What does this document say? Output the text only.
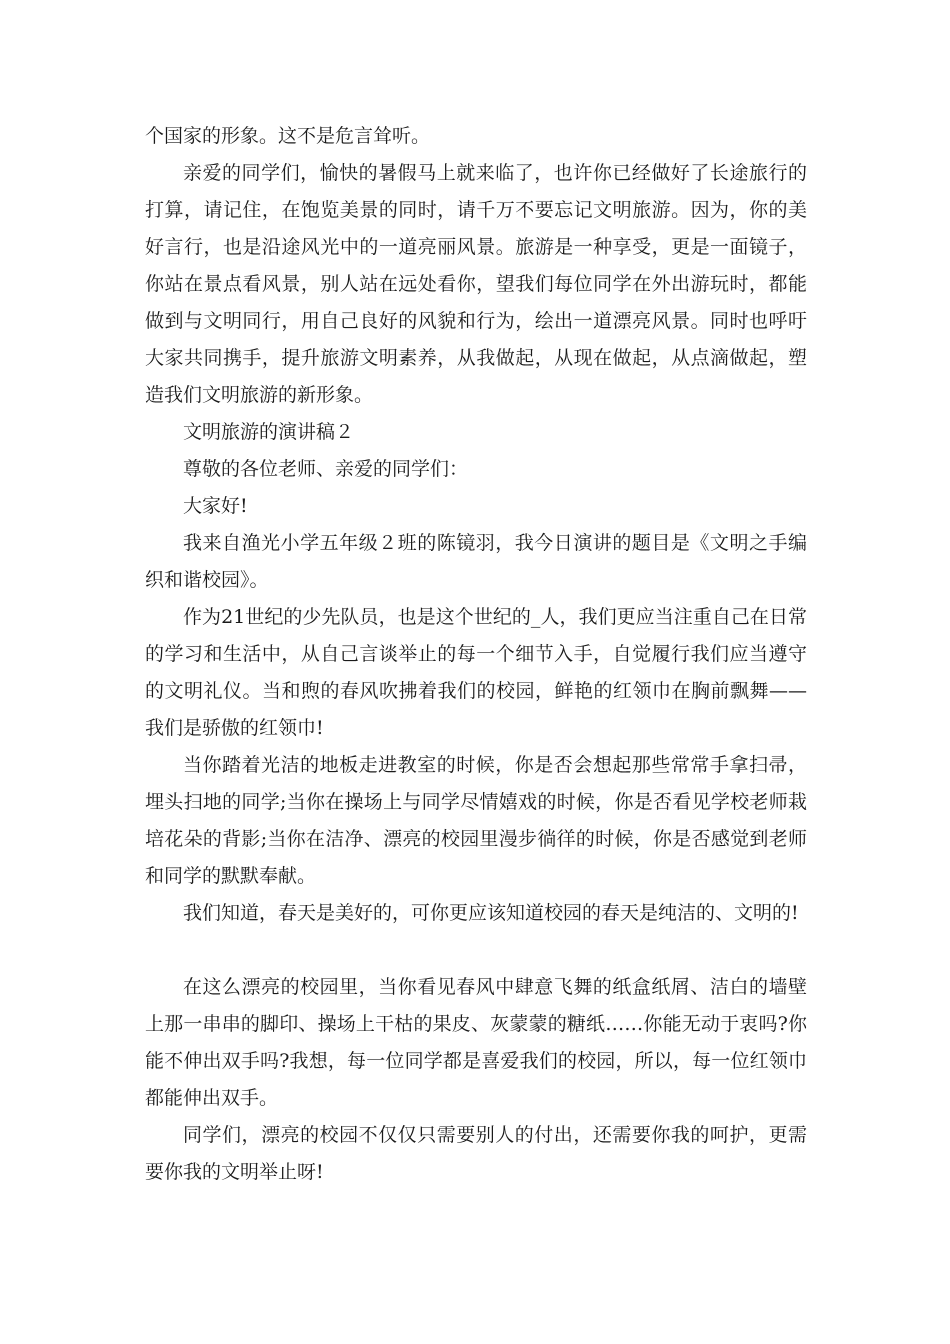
个国家的形象。这不是危言耸听。

亲爱的同学们，愉快的暑假马上就来临了，也许你已经做好了长途旅行的打算，请记住，在饱览美景的同时，请千万不要忘记文明旅游。因为，你的美好言行，也是沿途风光中的一道亮丽风景。旅游是一种享受，更是一面镜子，你站在景点看风景，别人站在远处看你，望我们每位同学在外出游玩时，都能做到与文明同行，用自己良好的风貌和行为，绘出一道漂亮风景。同时也呼吁大家共同携手，提升旅游文明素养，从我做起，从现在做起，从点滴做起，塑造我们文明旅游的新形象。

文明旅游的演讲稿２

尊敬的各位老师、亲爱的同学们：

大家好!

我来自渔光小学五年级２班的陈镜羽，我今日演讲的题目是《文明之手编织和谐校园》。

作为21世纪的少先队员，也是这个世纪的_人，我们更应当注重自己在日常的学习和生活中，从自己言谈举止的每一个细节入手，自觉履行我们应当遵守的文明礼仪。当和煦的春风吹拂着我们的校园，鲜艳的红领巾在胸前飘舞——我们是骄傲的红领巾!

当你踏着光洁的地板走进教室的时候，你是否会想起那些常常手拿扫帚，埋头扫地的同学;当你在操场上与同学尽情嬉戏的时候，你是否看见学校老师栽培花朵的背影;当你在洁净、漂亮的校园里漫步徜徉的时候，你是否感觉到老师和同学的默默奉献。

我们知道，春天是美好的，可你更应该知道校园的春天是纯洁的、文明的!

在这么漂亮的校园里，当你看见春风中肆意飞舞的纸盒纸屑、洁白的墙壁上那一串串的脚印、操场上干枯的果皮、灰蒙蒙的糖纸……你能无动于衷吗?你能不伸出双手吗?我想，每一位同学都是喜爱我们的校园，所以，每一位红领巾都能伸出双手。

同学们，漂亮的校园不仅仅只需要别人的付出，还需要你我的呵护，更需要你我的文明举止呀!
